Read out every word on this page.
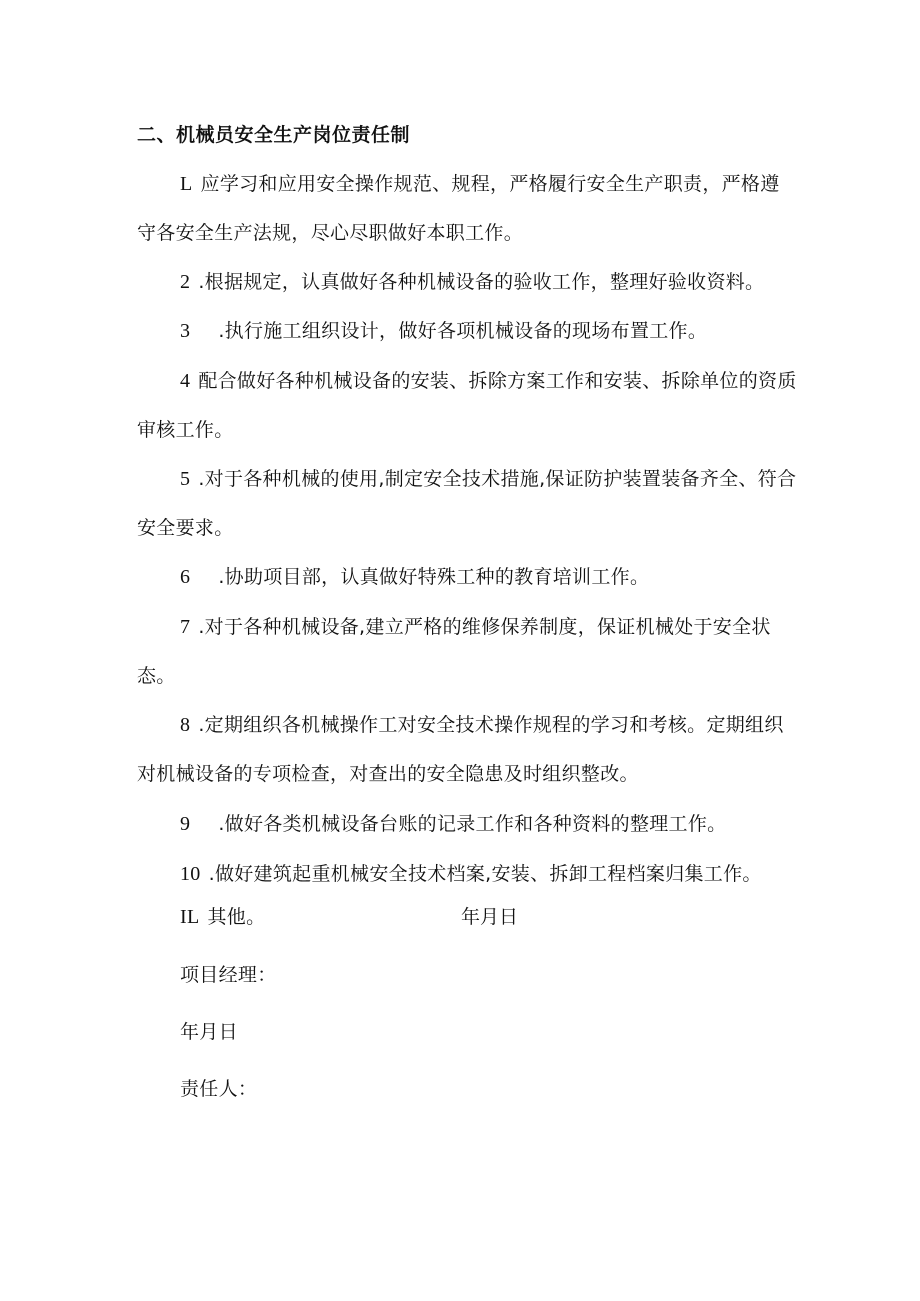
二、机械员安全生产岗位责任制
L 应学习和应用安全操作规范、规程，严格履行安全生产职责，严格遵守各安全生产法规，尽心尽职做好本职工作。
2 .根据规定，认真做好各种机械设备的验收工作，整理好验收资料。
3 .执行施工组织设计，做好各项机械设备的现场布置工作。
4 配合做好各种机械设备的安装、拆除方案工作和安装、拆除单位的资质审核工作。
5 .对于各种机械的使用,制定安全技术措施,保证防护装置装备齐全、符合安全要求。
6 .协助项目部，认真做好特殊工种的教育培训工作。
7 .对于各种机械设备,建立严格的维修保养制度，保证机械处于安全状态。
8 .定期组织各机械操作工对安全技术操作规程的学习和考核。定期组织对机械设备的专项检查，对查出的安全隐患及时组织整改。
9 .做好各类机械设备台账的记录工作和各种资料的整理工作。
10 .做好建筑起重机械安全技术档案,安装、拆卸工程档案归集工作。
IL 其他。	年月日
项目经理：
年月日
责任人：
